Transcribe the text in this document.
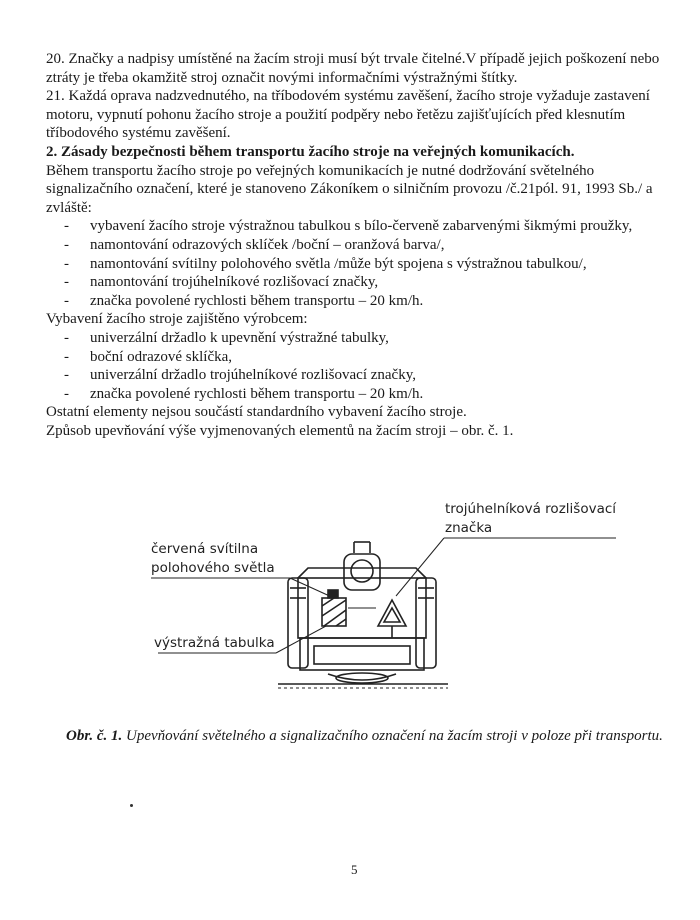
20. Značky a nadpisy umístěné na žacím stroji musí být trvale čitelné.V případě jejich poškození nebo ztráty je třeba okamžitě stroj označit novými informačními výstražnými štítky.

21. Každá oprava nadzvednutého, na tříbodovém systému zavěšení, žacího stroje vyžaduje zastavení motoru, vypnutí pohonu žacího stroje a použití podpěry nebo řetězu zajišťujících před klesnutím tříbodového systému zavěšení.

2. Zásady bezpečnosti během transportu žacího stroje na veřejných komunikacích.

Během transportu žacího stroje po veřejných komunikacích je nutné dodržování světelného signalizačního označení, které je stanoveno Zákoníkem o silničním provozu /č.21pól. 91, 1993 Sb./ a zvláště:

- vybavení žacího stroje výstražnou tabulkou s bílo-červeně zabarvenými šikmými proužky,
- namontování odrazových sklíček /boční – oranžová barva/,
- namontování svítilny polohového světla /může být spojena s výstražnou tabulkou/,
- namontování trojúhelníkové rozlišovací značky,
- značka povolené rychlosti během transportu – 20 km/h.

Vybavení žacího stroje zajištěno výrobcem:

- univerzální držadlo k upevnění výstražné tabulky,
- boční odrazové sklíčka,
- univerzální držadlo trojúhelníkové rozlišovací značky,
- značka povolené rychlosti během transportu – 20 km/h.

Ostatní elementy nejsou součástí standardního vybavení žacího stroje.

Způsob upevňování výše vyjmenovaných elementů na žacím stroji – obr. č. 1.

trojúhelníková rozlišovací
značka
červená svítilna
polohového světla
výstražná tabulka

Obr. č. 1. Upevňování světelného a signalizačního označení na žacím stroji v poloze při transportu.

5
